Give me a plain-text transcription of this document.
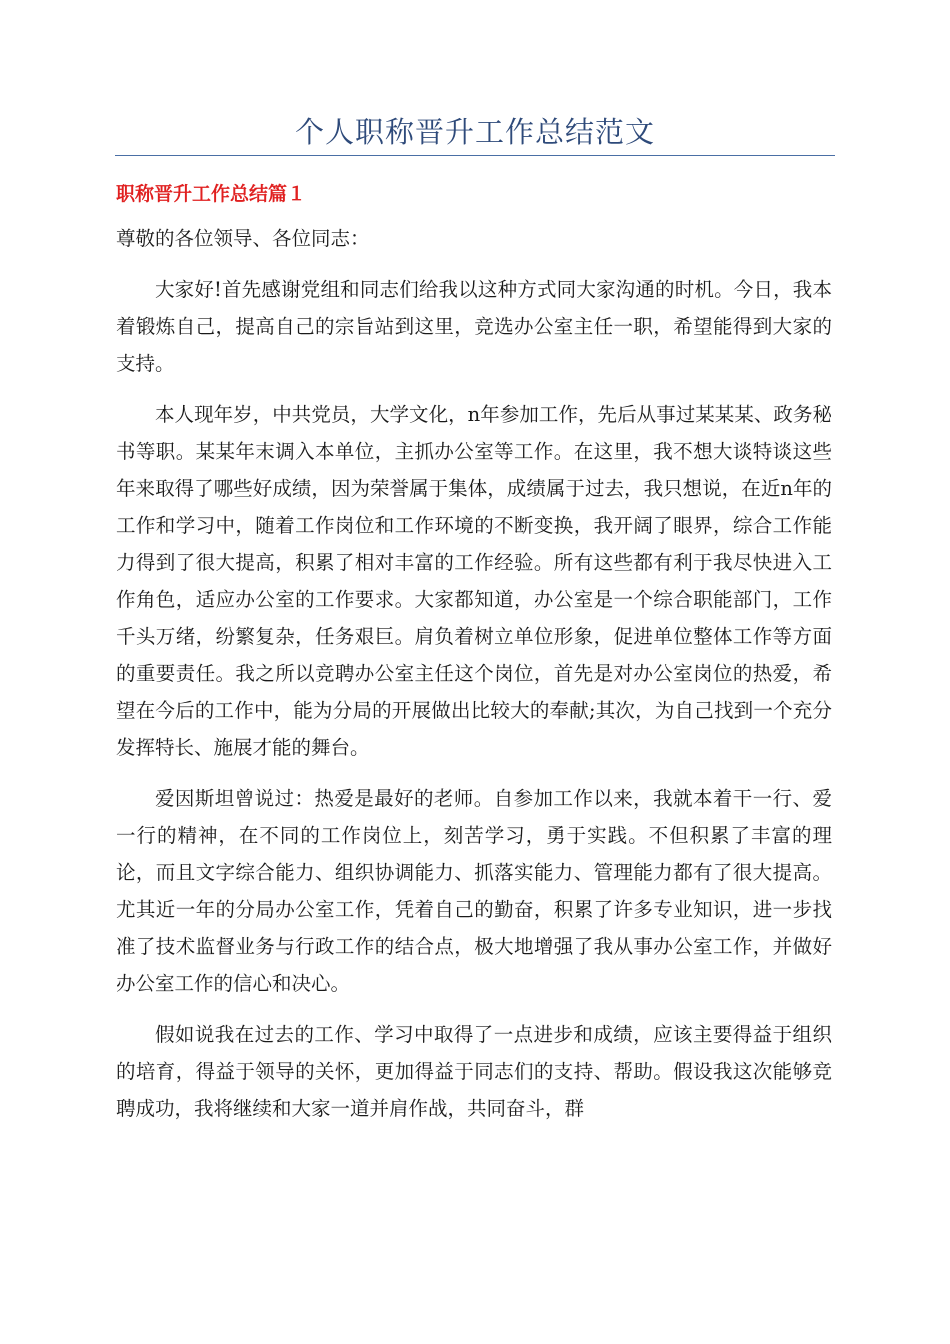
个人职称晋升工作总结范文
职称晋升工作总结篇１

尊敬的各位领导、各位同志：

大家好!首先感谢党组和同志们给我以这种方式同大家沟通的时机。今日，我本着锻炼自己，提高自己的宗旨站到这里，竞选办公室主任一职，希望能得到大家的支持。

本人现年岁，中共党员，大学文化，n年参加工作，先后从事过某某某、政务秘书等职。某某年末调入本单位，主抓办公室等工作。在这里，我不想大谈特谈这些年来取得了哪些好成绩，因为荣誉属于集体，成绩属于过去，我只想说，在近n年的工作和学习中，随着工作岗位和工作环境的不断变换，我开阔了眼界，综合工作能力得到了很大提高，积累了相对丰富的工作经验。所有这些都有利于我尽快进入工作角色，适应办公室的工作要求。大家都知道，办公室是一个综合职能部门，工作千头万绪，纷繁复杂，任务艰巨。肩负着树立单位形象，促进单位整体工作等方面的重要责任。我之所以竞聘办公室主任这个岗位，首先是对办公室岗位的热爱，希望在今后的工作中，能为分局的开展做出比较大的奉献;其次，为自己找到一个充分发挥特长、施展才能的舞台。

爱因斯坦曾说过：热爱是最好的老师。自参加工作以来，我就本着干一行、爱一行的精神，在不同的工作岗位上，刻苦学习，勇于实践。不但积累了丰富的理论，而且文字综合能力、组织协调能力、抓落实能力、管理能力都有了很大提高。尤其近一年的分局办公室工作，凭着自己的勤奋，积累了许多专业知识，进一步找准了技术监督业务与行政工作的结合点，极大地增强了我从事办公室工作，并做好办公室工作的信心和决心。

假如说我在过去的工作、学习中取得了一点进步和成绩，应该主要得益于组织的培育，得益于领导的关怀，更加得益于同志们的支持、帮助。假设我这次能够竞聘成功，我将继续和大家一道并肩作战，共同奋斗，群
